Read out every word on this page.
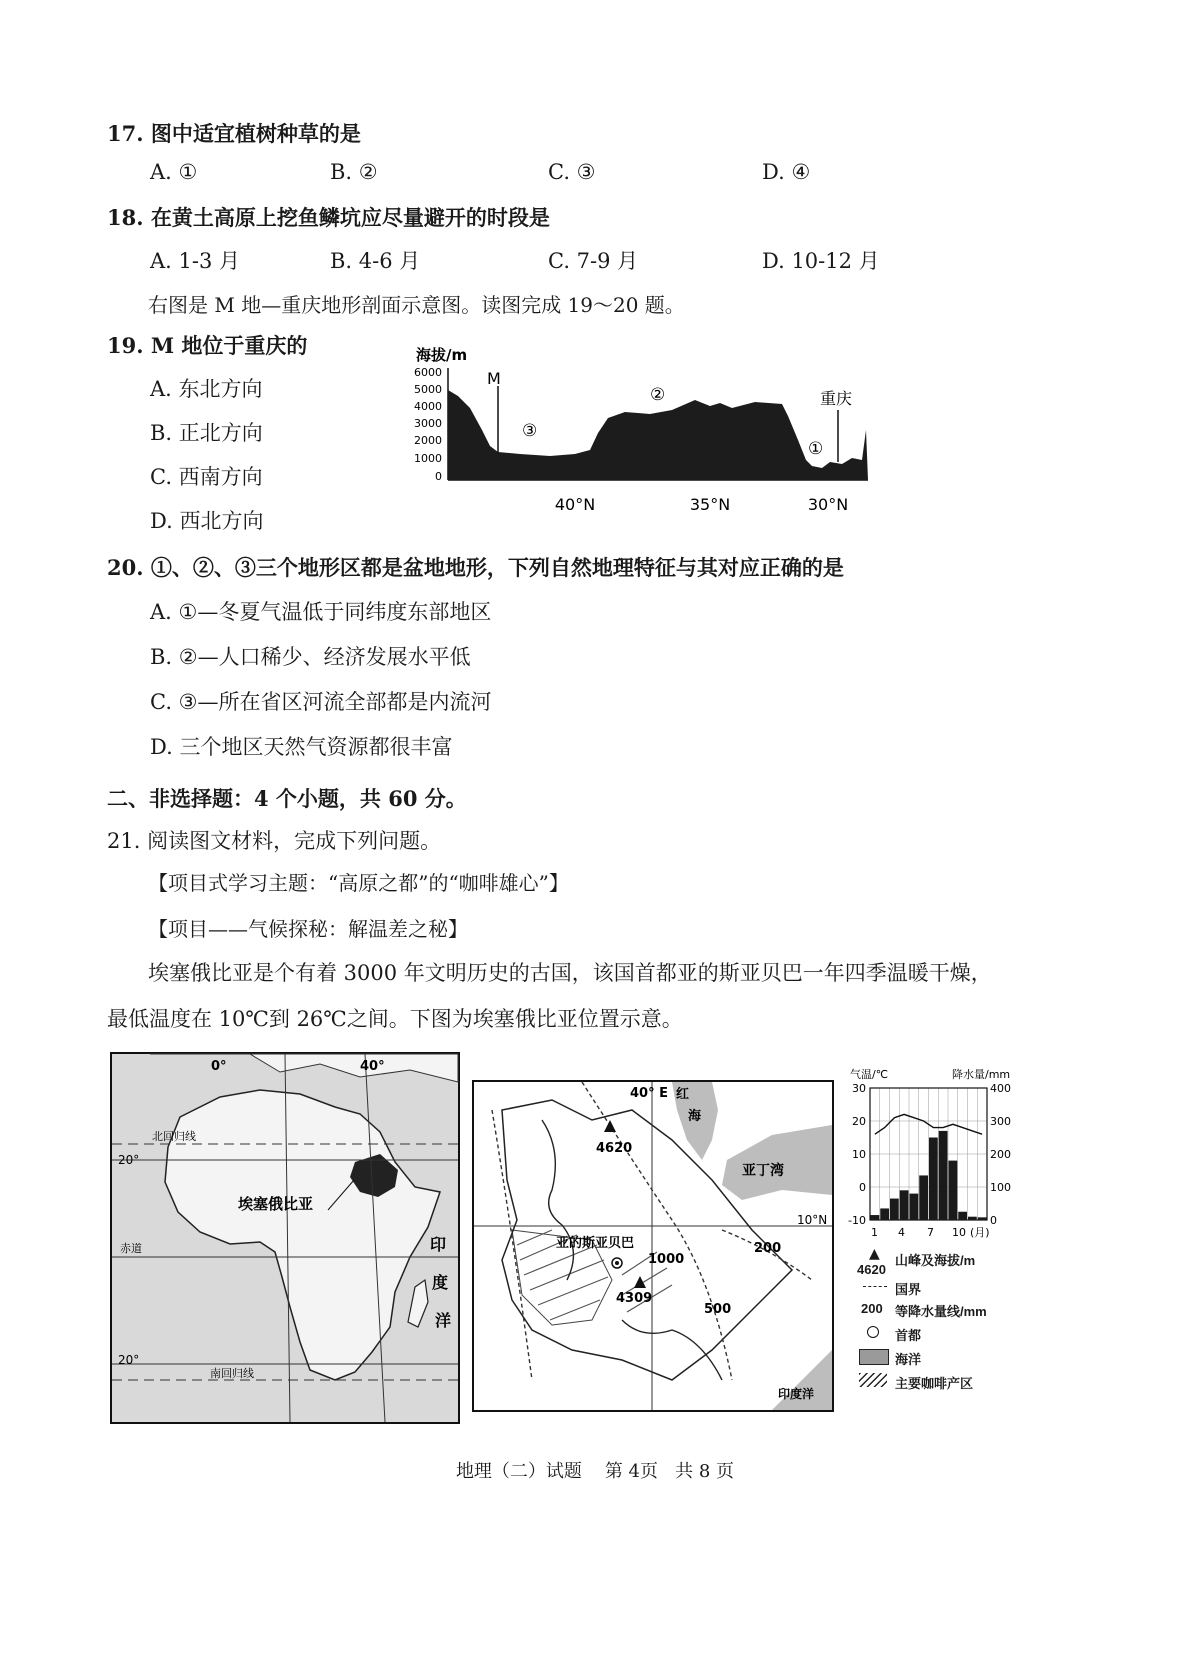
17. 图中适宜植树种草的是
A. ①	B. ②	C. ③	D. ④
18. 在黄土高原上挖鱼鳞坑应尽量避开的时段是
A. 1-3 月	B. 4-6 月	C. 7-9 月	D. 10-12 月
右图是 M 地—重庆地形剖面示意图。读图完成 19～20 题。
19. M 地位于重庆的
A. 东北方向
B. 正北方向
C. 西南方向
D. 西北方向
海拔/m
6000
5000
4000
3000
2000
1000
0
M
重庆
③
②
①
40°N	35°N	30°N
20. ①、②、③三个地形区都是盆地地形，下列自然地理特征与其对应正确的是
A. ①—冬夏气温低于同纬度东部地区
B. ②—人口稀少、经济发展水平低
C. ③—所在省区河流全部都是内流河
D. 三个地区天然气资源都很丰富
二、非选择题：4 个小题，共 60 分。
21. 阅读图文材料，完成下列问题。
【项目式学习主题：“高原之都”的“咖啡雄心”】
【项目——气候探秘：解温差之秘】
埃塞俄比亚是个有着 3000 年文明历史的古国，该国首都亚的斯亚贝巴一年四季温暖干燥，
最低温度在 10℃到 26℃之间。下图为埃塞俄比亚位置示意。
0°	40°
20°
20°
北回归线
南回归线
赤道
埃塞俄比亚
印
度
洋
40° E
10°N
红
海
亚丁湾
4620
4309
亚的斯亚贝巴
1000
200
500
印度洋
气温/℃	降水量/mm
30
20
10
0
-10
400
300
200
100
0
1 4 7 10 (月)
▲
4620
山峰及海拔/m
国界
200 等降水量线/mm
首都
海洋
主要咖啡产区
地理（二）试题    第 4页   共 8 页
